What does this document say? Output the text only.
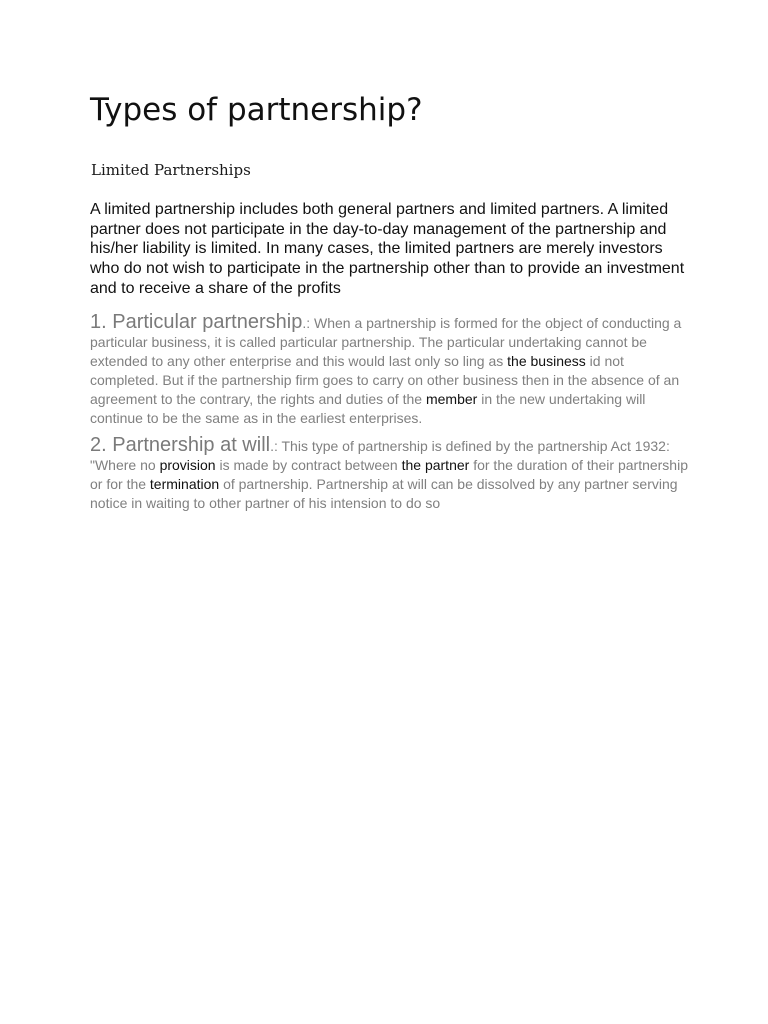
Types of partnership?
Limited Partnerships

A limited partnership includes both general partners and limited partners. A limited partner does not participate in the day-to-day management of the partnership and his/her liability is limited. In many cases, the limited partners are merely investors who do not wish to participate in the partnership other than to provide an investment and to receive a share of the profits

1. Particular partnership.: When a partnership is formed for the object of conducting a particular business, it is called particular partnership. The particular undertaking cannot be extended to any other enterprise and this would last only so ling as the business id not completed. But if the partnership firm goes to carry on other business then in the absence of an agreement to the contrary, the rights and duties of the member in the new undertaking will continue to be the same as in the earliest enterprises.

2. Partnership at will.: This type of partnership is defined by the partnership Act 1932: "Where no provision is made by contract between the partner for the duration of their partnership or for the termination of partnership. Partnership at will can be dissolved by any partner serving notice in waiting to other partner of his intension to do so
